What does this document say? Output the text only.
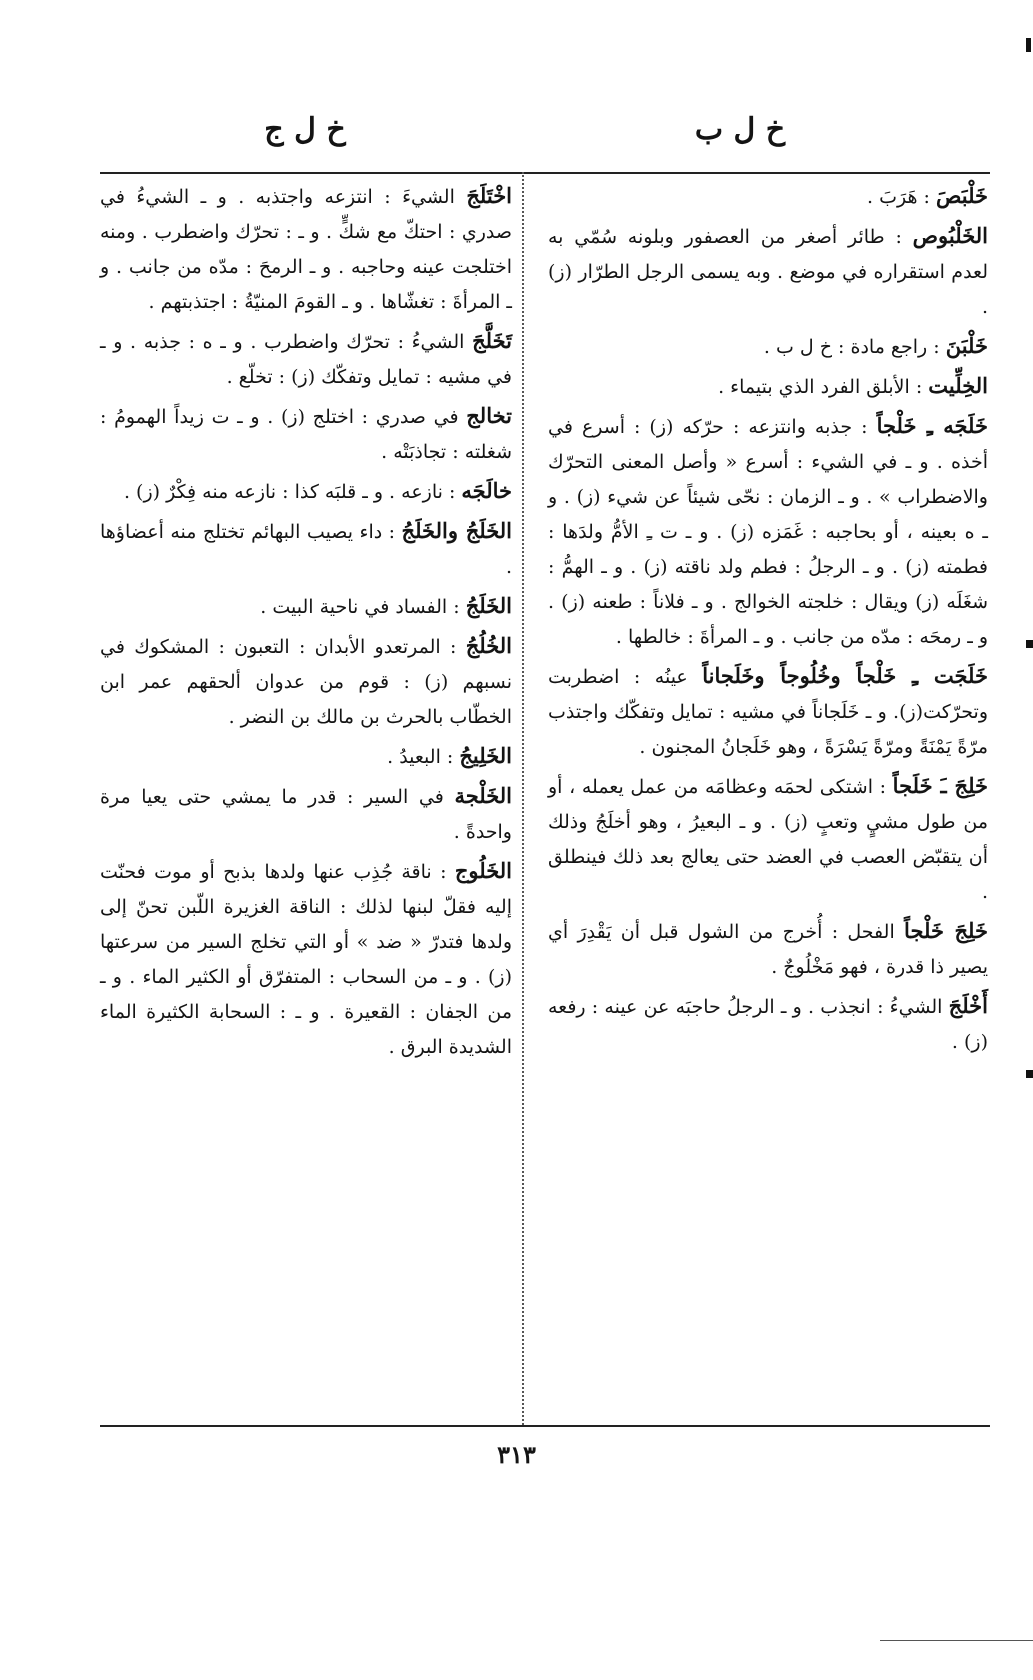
خ ل ب
خ ل ج
خَلْبَصَ : هَرَبَ .
الخَلْبُوص : طائر أصغر من العصفور وبلونه سُمّي به لعدم استقراره في موضع . وبه يسمى الرجل الطرّار (ز) .
خَلْبَنَ : راجع مادة : خ ل ب .
الخِلِّيت : الأبلق الفرد الذي بتيماء .
خَلَجَه ـِ خَلْجاً : جذبه وانتزعه : حرّكه (ز) : أسرع في أخذه . و ـ في الشيء : أسرع « وأصل المعنى التحرّك والاضطراب » . و ـ الزمان : نحّى شيئاً عن شيء (ز) . و ـ ه بعينه ، أو بحاجبه : غَمَزه (ز) . و ـ ت ـِ الأمُّ ولدَها : فطمته (ز) . و ـ الرجلُ : فطم ولد ناقته (ز) . و ـ الهمُّ : شغَلَه (ز) ويقال : خلجته الخوالج . و ـ فلاناً : طعنه (ز) . و ـ رمحَه : مدّه من جانب . و ـ المرأةَ : خالطها .
خَلَجَت ـِ خَلْجاً وخُلُوجاً وخَلَجاناً عينُه : اضطربت وتحرّكت(ز). و ـ خَلَجاناً في مشيه : تمايل وتفكّك واجتذب مرّةً يَمْنَةً ومرّةً يَسْرَةً ، وهو خَلَجانُ المجنون .
خَلِجَ ـَ خَلَجاً : اشتكى لحمَه وعظامَه من عمل يعمله ، أو من طول مشيٍ وتعبٍ (ز) . و ـ البعيرُ ، وهو أخلَجُ وذلك أن يتقبّض العصب في العضد حتى يعالج بعد ذلك فينطلق .
خَلِجَ خَلْجاً الفحل : أُخرج من الشول قبل أن يَقْدِرَ أي يصير ذا قدرة ، فهو مَخْلُوجٌ .
أَخْلَجَ الشيءُ : انجذب . و ـ الرجلُ حاجبَه عن عينه : رفعه (ز) .
اخْتَلَجَ الشيءَ : انتزعه واجتذبه . و ـ الشيءُ في صدري : احتكّ مع شكٍّ . و ـ : تحرّك واضطرب . ومنه اختلجت عينه وحاجبه . و ـ الرمحَ : مدّه من جانب . و ـ المرأةَ : تغشّاها . و ـ القومَ المنيّةُ : اجتذبتهم .
تَخَلَّجَ الشيءُ : تحرّك واضطرب . و ـ ه : جذبه . و ـ في مشيه : تمايل وتفكّك (ز) : تخلّع .
تخالج في صدري : اختلج (ز) . و ـ ت زيداً الهمومُ : شغلته : تجاذبَتْه .
خالَجَه : نازعه . و ـ قلبَه كذا : نازعه منه فِكْرٌ (ز) .
الخَلَجُ والخَلَجُ : داء يصيب البهائم تختلج منه أعضاؤها .
الخَلَجُ : الفساد في ناحية البيت .
الخُلُجُ : المرتعدو الأبدان : التعبون : المشكوك في نسبهم (ز) : قوم من عدوان ألحقهم عمر ابن الخطّاب بالحرث بن مالك بن النضر .
الخَلِيجُ : البعيدُ .
الخَلْجة في السير : قدر ما يمشي حتى يعيا مرة واحدةً .
الخَلُوج : ناقة جُذِب عنها ولدها بذبح أو موت فحنّت إليه فقلّ لبنها لذلك : الناقة الغزيرة اللّبن تحنّ إلى ولدها فتدرّ « ضد » أو التي تخلج السير من سرعتها (ز) . و ـ من السحاب : المتفرّق أو الكثير الماء . و ـ من الجفان : القعيرة . و ـ : السحابة الكثيرة الماء الشديدة البرق .
٣١٣
